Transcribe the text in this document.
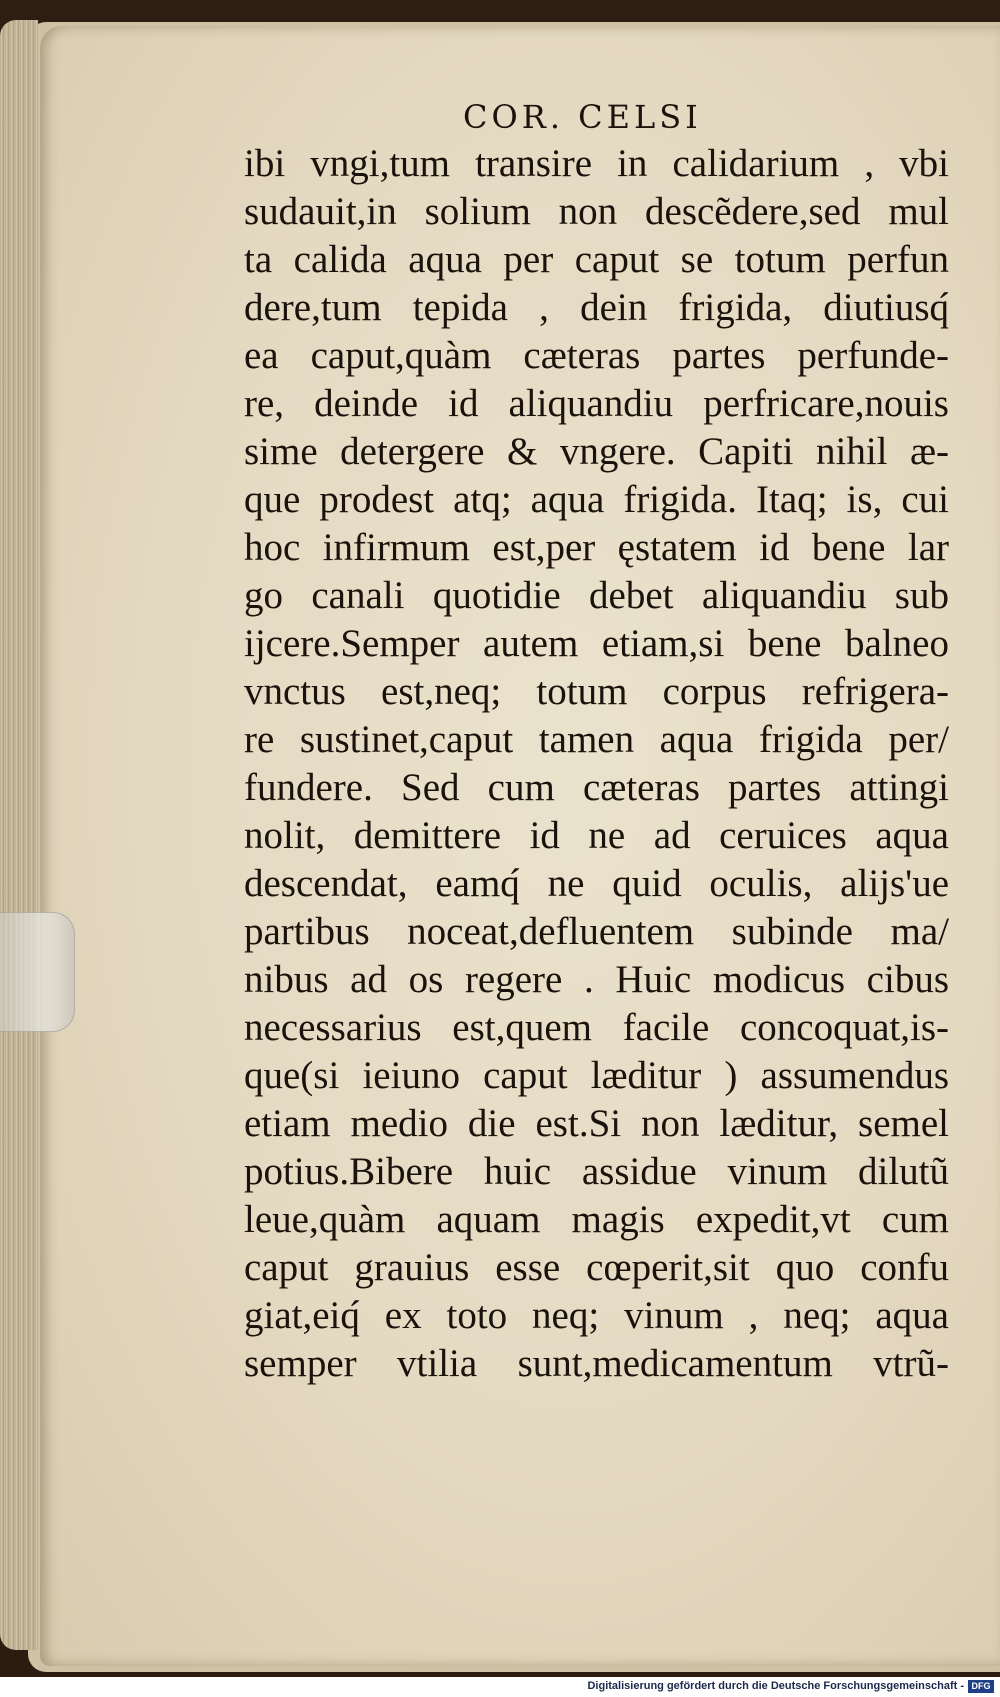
COR. CELSI
ibi vngi,tum transire in calidarium , vbi
sudauit,in solium non descẽdere,sed mul
ta calida aqua per caput se totum perfun
dere,tum tepida , dein frigida, diutiusq́
ea caput,quàm cæteras partes perfunde-
re, deinde id aliquandiu perfricare,nouis
sime detergere & vngere. Capiti nihil æ-
que prodest atq; aqua frigida. Itaq; is, cui
hoc infirmum est,per ęstatem id bene lar
go canali quotidie debet aliquandiu sub
ijcere.Semper autem etiam,si bene balneo
vnctus est,neq; totum corpus refrigera-
re sustinet,caput tamen aqua frigida per/
fundere. Sed cum cæteras partes attingi
nolit, demittere id ne ad ceruices aqua
descendat, eamq́ ne quid oculis, alijs'ue
partibus noceat,defluentem subinde ma/
nibus ad os regere . Huic modicus cibus
necessarius est,quem facile concoquat,is-
que(si ieiuno caput læditur ) assumendus
etiam medio die est.Si non læditur, semel
potius.Bibere huic assidue vinum dilutũ
leue,quàm aquam magis expedit,vt cum
caput grauius esse cœperit,sit quo confu
giat,eiq́ ex toto neq; vinum , neq; aqua
semper vtilia sunt,medicamentum vtrũ-
Digitalisierung gefördert durch die Deutsche Forschungsgemeinschaft - DFG
